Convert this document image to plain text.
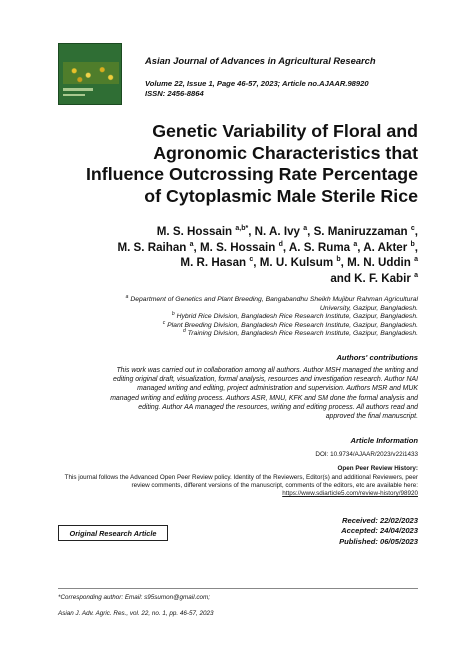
Asian Journal of Advances in Agricultural Research
Volume 22, Issue 1, Page 46-57, 2023; Article no.AJAAR.98920
ISSN: 2456-8864
Genetic Variability of Floral and
Agronomic Characteristics that
Influence Outcrossing Rate Percentage
of Cytoplasmic Male Sterile Rice
M. S. Hossain $^{a,b*}$, N. A. Ivy $^a$, S. Maniruzzaman $^c$,
M. S. Raihan $^a$, M. S. Hossain $^d$, A. S. Ruma $^a$, A. Akter $^b$,
M. R. Hasan $^c$, M. U. Kulsum $^b$, M. N. Uddin $^a$
and K. F. Kabir $^a$
$^a$ Department of Genetics and Plant Breeding, Bangabandhu Sheikh Mujibur Rahman Agricultural
University, Gazipur, Bangladesh.
$^b$ Hybrid Rice Division, Bangladesh Rice Research Institute, Gazipur, Bangladesh.
$^c$ Plant Breeding Division, Bangladesh Rice Research Institute, Gazipur, Bangladesh.
$^d$ Training Division, Bangladesh Rice Research Institute, Gazipur, Bangladesh.
Authors' contributions
This work was carried out in collaboration among all authors. Author MSH managed the writing and
editing original draft, visualization, formal analysis, resources and investigation research. Author NAI
managed writing and editing, project administration and supervision. Authors MSR and MUK
managed writing and editing process. Authors ASR, MNU, KFK and SM done the formal analysis and
editing. Author AA managed the resources, writing and editing process. All authors read and
approved the final manuscript.
Article Information
DOI: 10.9734/AJAAR/2023/v22i1433
Open Peer Review History:
This journal follows the Advanced Open Peer Review policy. Identity of the Reviewers, Editor(s) and additional Reviewers, peer
review comments, different versions of the manuscript, comments of the editors, etc are available here:
https://www.sdiarticle5.com/review-history/98920
Original Research Article
Received: 22/02/2023
Accepted: 24/04/2023
Published: 06/05/2023
*Corresponding author: Email: s95sumon@gmail.com;
Asian J. Adv. Agric. Res., vol. 22, no. 1, pp. 46-57, 2023
